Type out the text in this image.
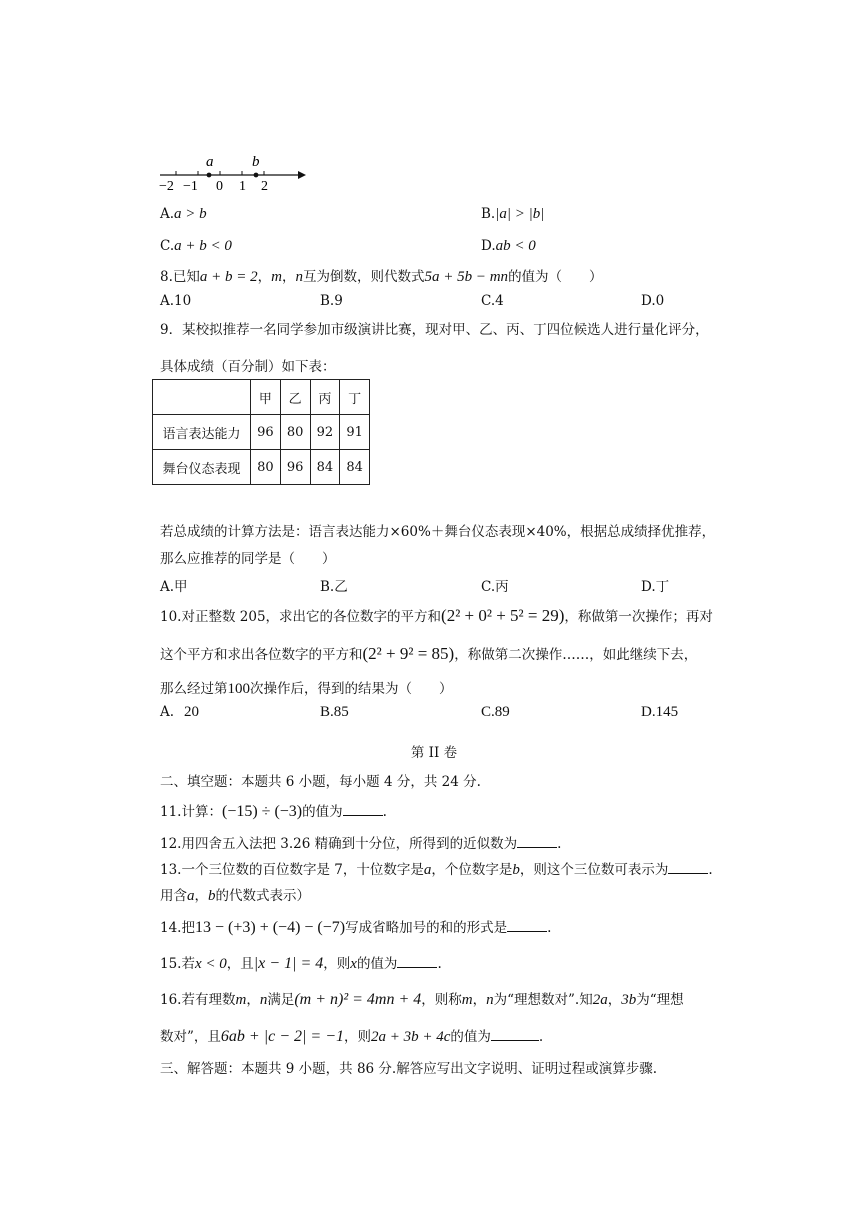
a	b
−2 −1 0 1 2
A.a > b	B.|a| > |b|
C.a + b < 0	D.ab < 0
8.已知a + b = 2，m，n互为倒数，则代数式5a + 5b − mn的值为（　　）
A.10	B.9	C.4	D.0
9．某校拟推荐一名同学参加市级演讲比赛，现对甲、乙、丙、丁四位候选人进行量化评分，
具体成绩（百分制）如下表：
	甲	乙	丙	丁
语言表达能力	96	80	92	91
舞台仪态表现	80	96	84	84
若总成绩的计算方法是：语言表达能力×60%＋舞台仪态表现×40%，根据总成绩择优推荐，
那么应推荐的同学是（　　）
A.甲	B.乙	C.丙	D.丁
10.对正整数 205，求出它的各位数字的平方和(2² + 0² + 5² = 29)，称做第一次操作；再对
这个平方和求出各位数字的平方和(2² + 9² = 85)，称做第二次操作……，如此继续下去，
那么经过第100次操作后，得到的结果为（　　）
A. 20	B.85	C.89	D.145
第 II 卷
二、填空题：本题共 6 小题，每小题 4 分，共 24 分.
11.计算：(−15) ÷ (−3)的值为	.
12.用四舍五入法把 3.26 精确到十分位，所得到的近似数为	.
13.一个三位数的百位数字是 7，十位数字是a，个位数字是b，则这个三位数可表示为	.
用含a，b的代数式表示）
14.把13 − (+3) + (−4) − (−7)写成省略加号的和的形式是	.
15.若x < 0，且|x − 1| = 4，则x的值为	.
16.若有理数m，n满足(m + n)² = 4mn + 4，则称m，n为“理想数对”.知2a，3b为“理想
数对”，且6ab + |c − 2| = −1，则2a + 3b + 4c的值为	.
三、解答题：本题共 9 小题，共 86 分.解答应写出文字说明、证明过程或演算步骤.
